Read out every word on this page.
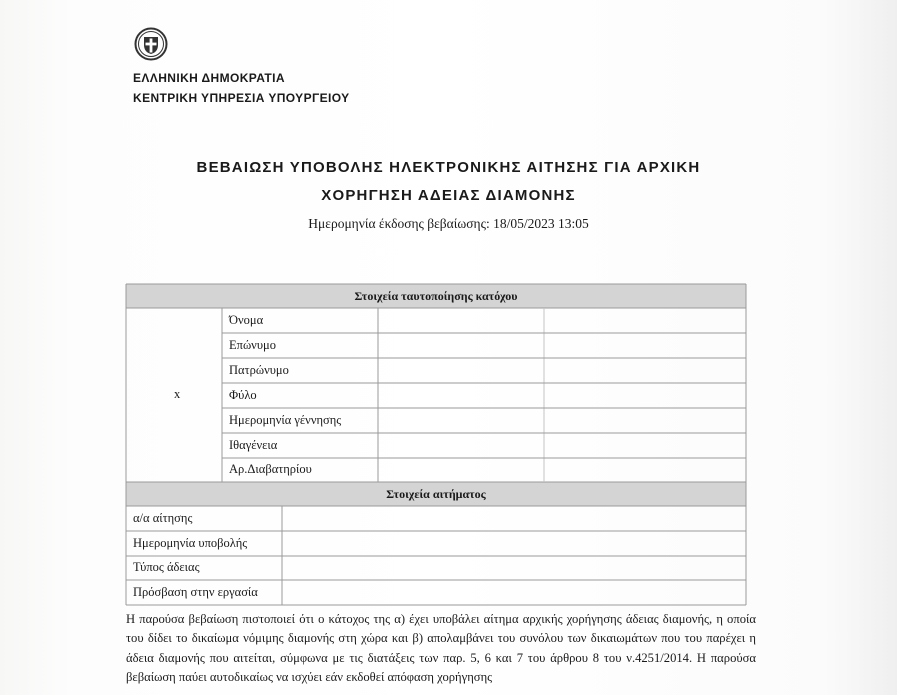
ΕΛΛΗΝΙΚΗ ΔΗΜΟΚΡΑΤΙΑ
ΚΕΝΤΡΙΚΗ ΥΠΗΡΕΣΙΑ ΥΠΟΥΡΓΕΙΟΥ
ΒΕΒΑΙΩΣΗ ΥΠΟΒΟΛΗΣ ΗΛΕΚΤΡΟΝΙΚΗΣ ΑΙΤΗΣΗΣ ΓΙΑ ΑΡΧΙΚΗ
ΧΟΡΗΓΗΣΗ ΑΔΕΙΑΣ ΔΙΑΜΟΝΗΣ
Ημερομηνία έκδοσης βεβαίωσης: 18/05/2023 13:05
Στοιχεία ταυτοποίησης κατόχου
x
Όνομα
Επώνυμο
Πατρώνυμο
Φύλο
Ημερομηνία γέννησης
Ιθαγένεια
Αρ.Διαβατηρίου
Στοιχεία αιτήματος
α/α αίτησης
Ημερομηνία υποβολής
Τύπος άδειας
Πρόσβαση στην εργασία

Η παρούσα βεβαίωση πιστοποιεί ότι ο κάτοχος της α) έχει υποβάλει αίτημα αρχικής χορήγησης άδειας διαμονής, η οποία του δίδει το δικαίωμα νόμιμης διαμονής στη χώρα και β) απολαμβάνει του συνόλου των δικαιωμάτων που του παρέχει η άδεια διαμονής που αιτείται, σύμφωνα με τις διατάξεις των παρ. 5, 6 και 7 του άρθρου 8 του ν.4251/2014. Η παρούσα βεβαίωση παύει αυτοδικαίως να ισχύει εάν εκδοθεί απόφαση χορήγησης
